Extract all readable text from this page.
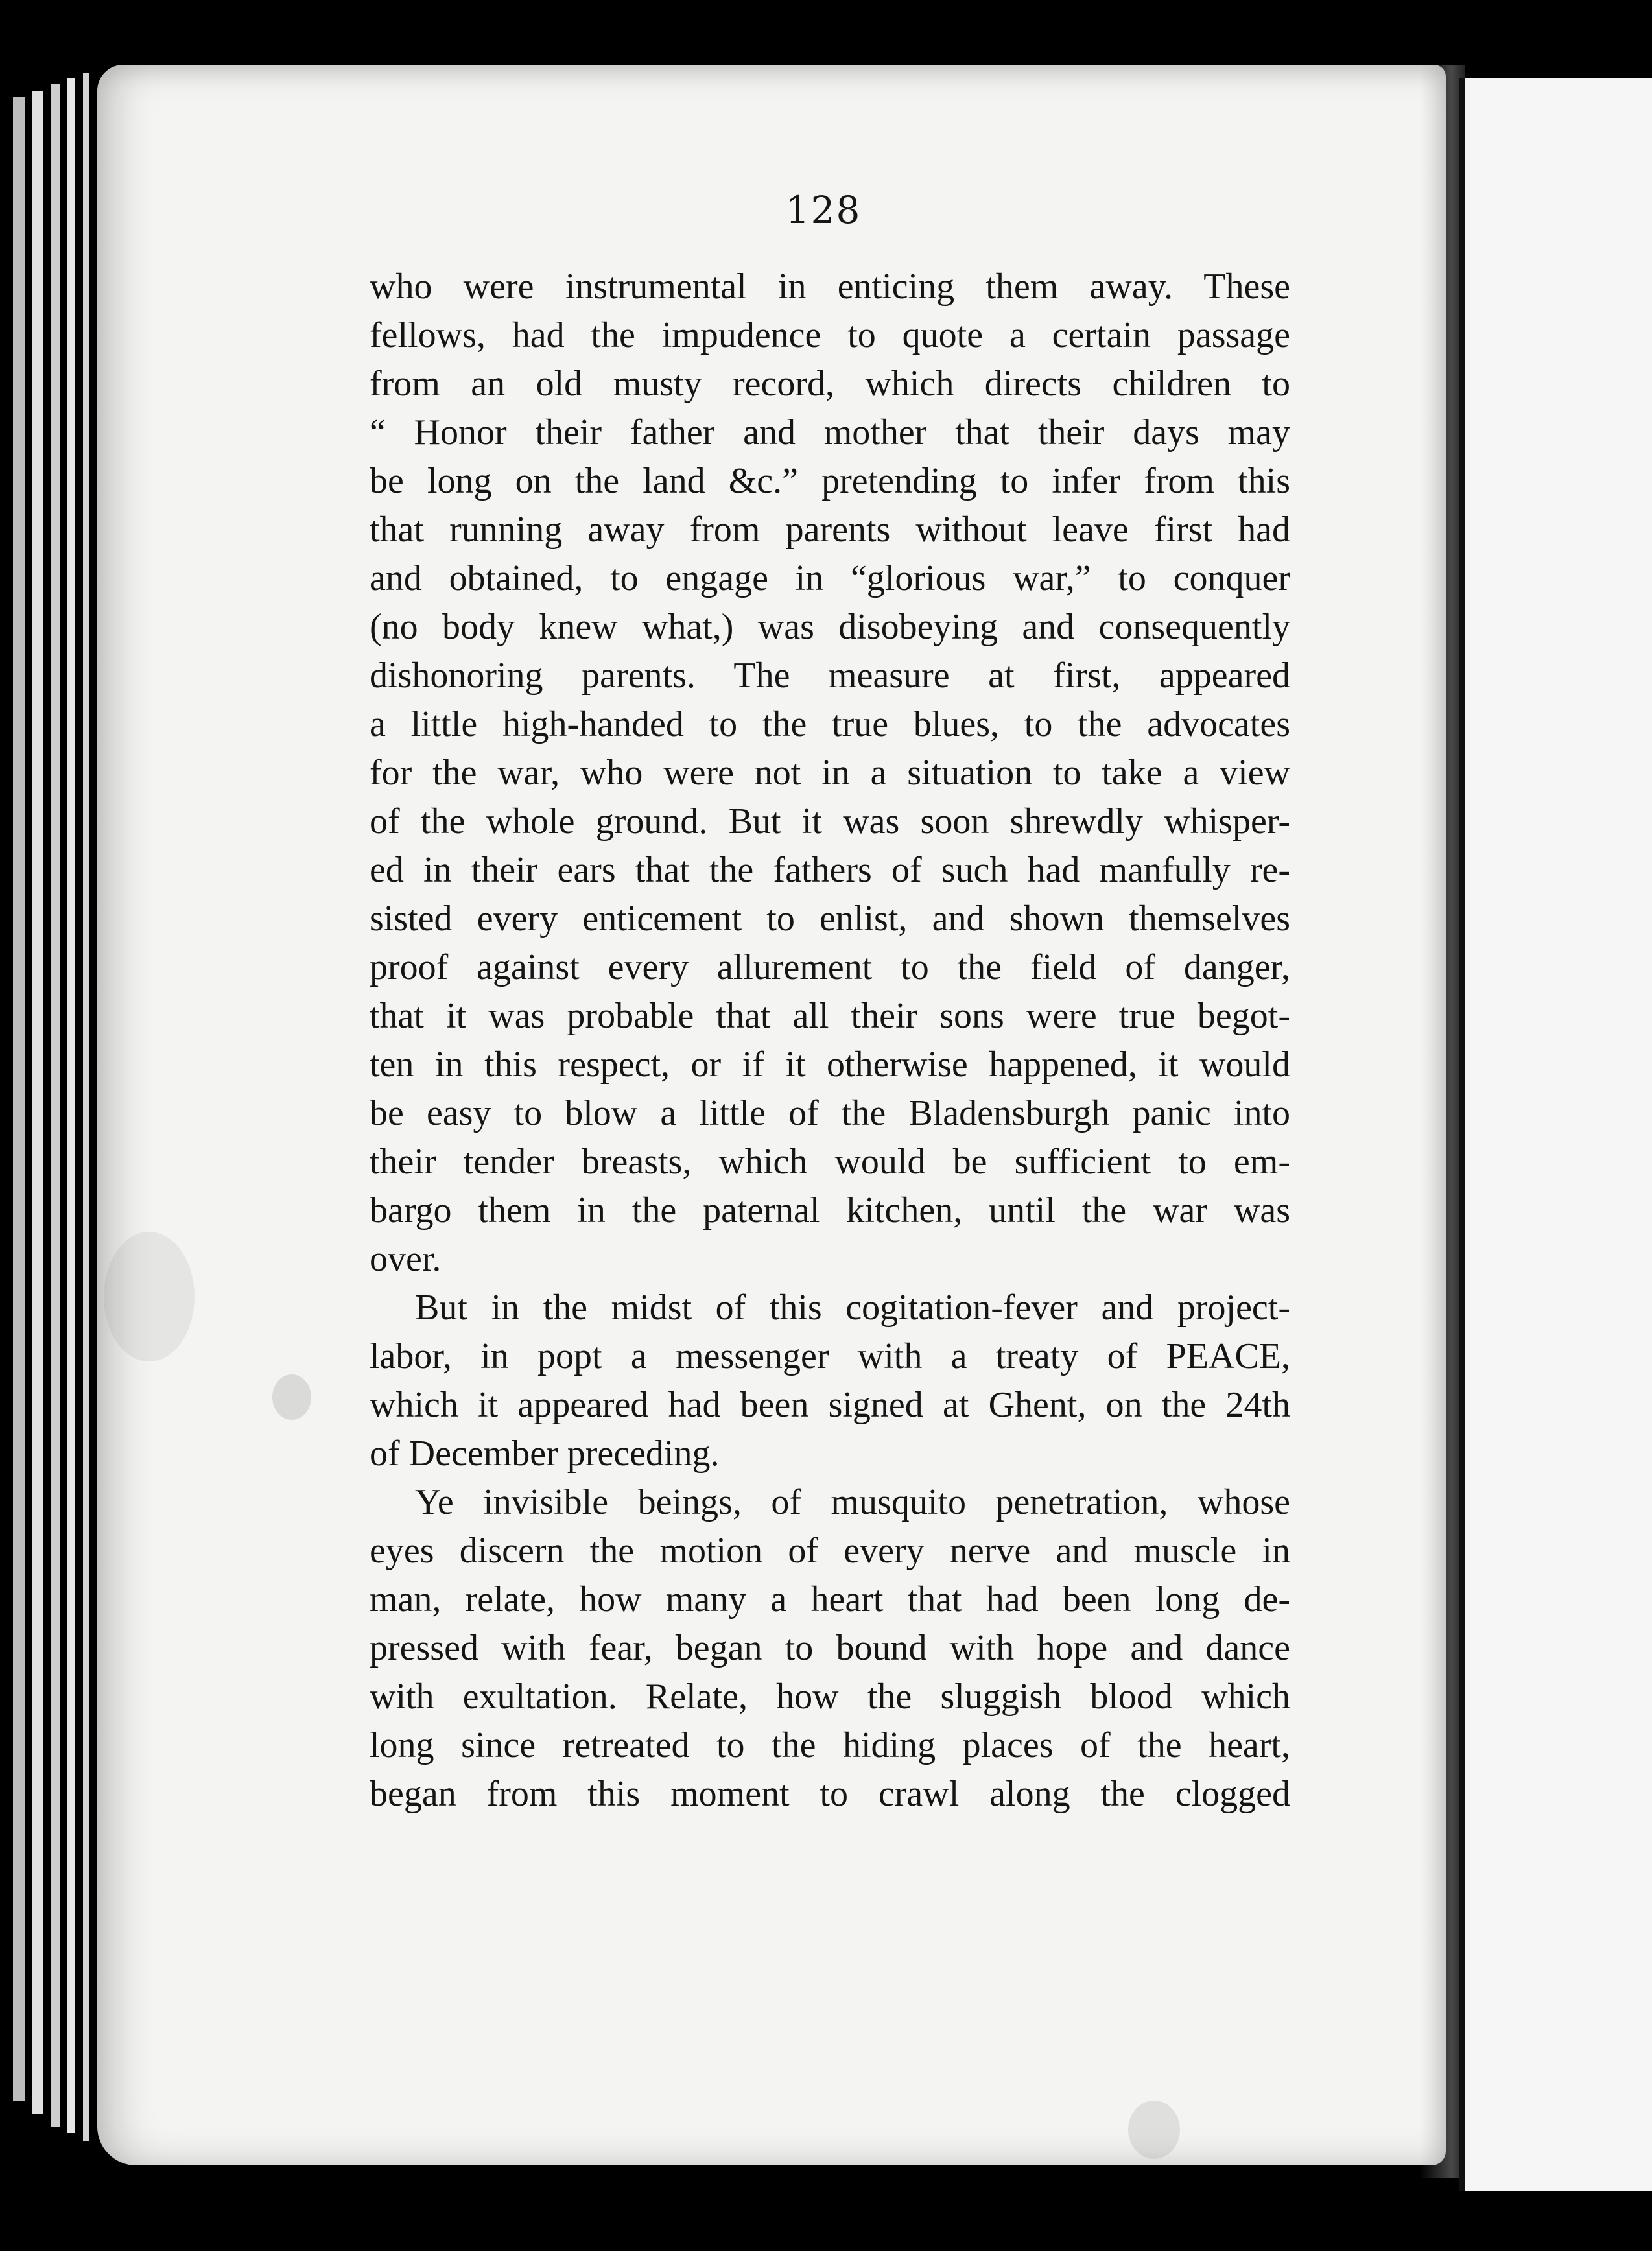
128
who were instrumental in enticing them away. These
fellows, had the impudence to quote a certain passage
from an old musty record, which directs children to
“ Honor their father and mother that their days may
be long on the land &c.” pretending to infer from this
that running away from parents without leave first had
and obtained, to engage in “glorious war,” to conquer
(no body knew what,) was disobeying and consequently
dishonoring parents. The measure at first, appeared
a little high-handed to the true blues, to the advocates
for the war, who were not in a situation to take a view
of the whole ground. But it was soon shrewdly whisper-
ed in their ears that the fathers of such had manfully re-
sisted every enticement to enlist, and shown themselves
proof against every allurement to the field of danger,
that it was probable that all their sons were true begot-
ten in this respect, or if it otherwise happened, it would
be easy to blow a little of the Bladensburgh panic into
their tender breasts, which would be sufficient to em-
bargo them in the paternal kitchen, until the war was
over.
But in the midst of this cogitation-fever and project-
labor, in popt a messenger with a treaty of PEACE,
which it appeared had been signed at Ghent, on the 24th
of December preceding.
Ye invisible beings, of musquito penetration, whose
eyes discern the motion of every nerve and muscle in
man, relate, how many a heart that had been long de-
pressed with fear, began to bound with hope and dance
with exultation. Relate, how the sluggish blood which
long since retreated to the hiding places of the heart,
began from this moment to crawl along the clogged
